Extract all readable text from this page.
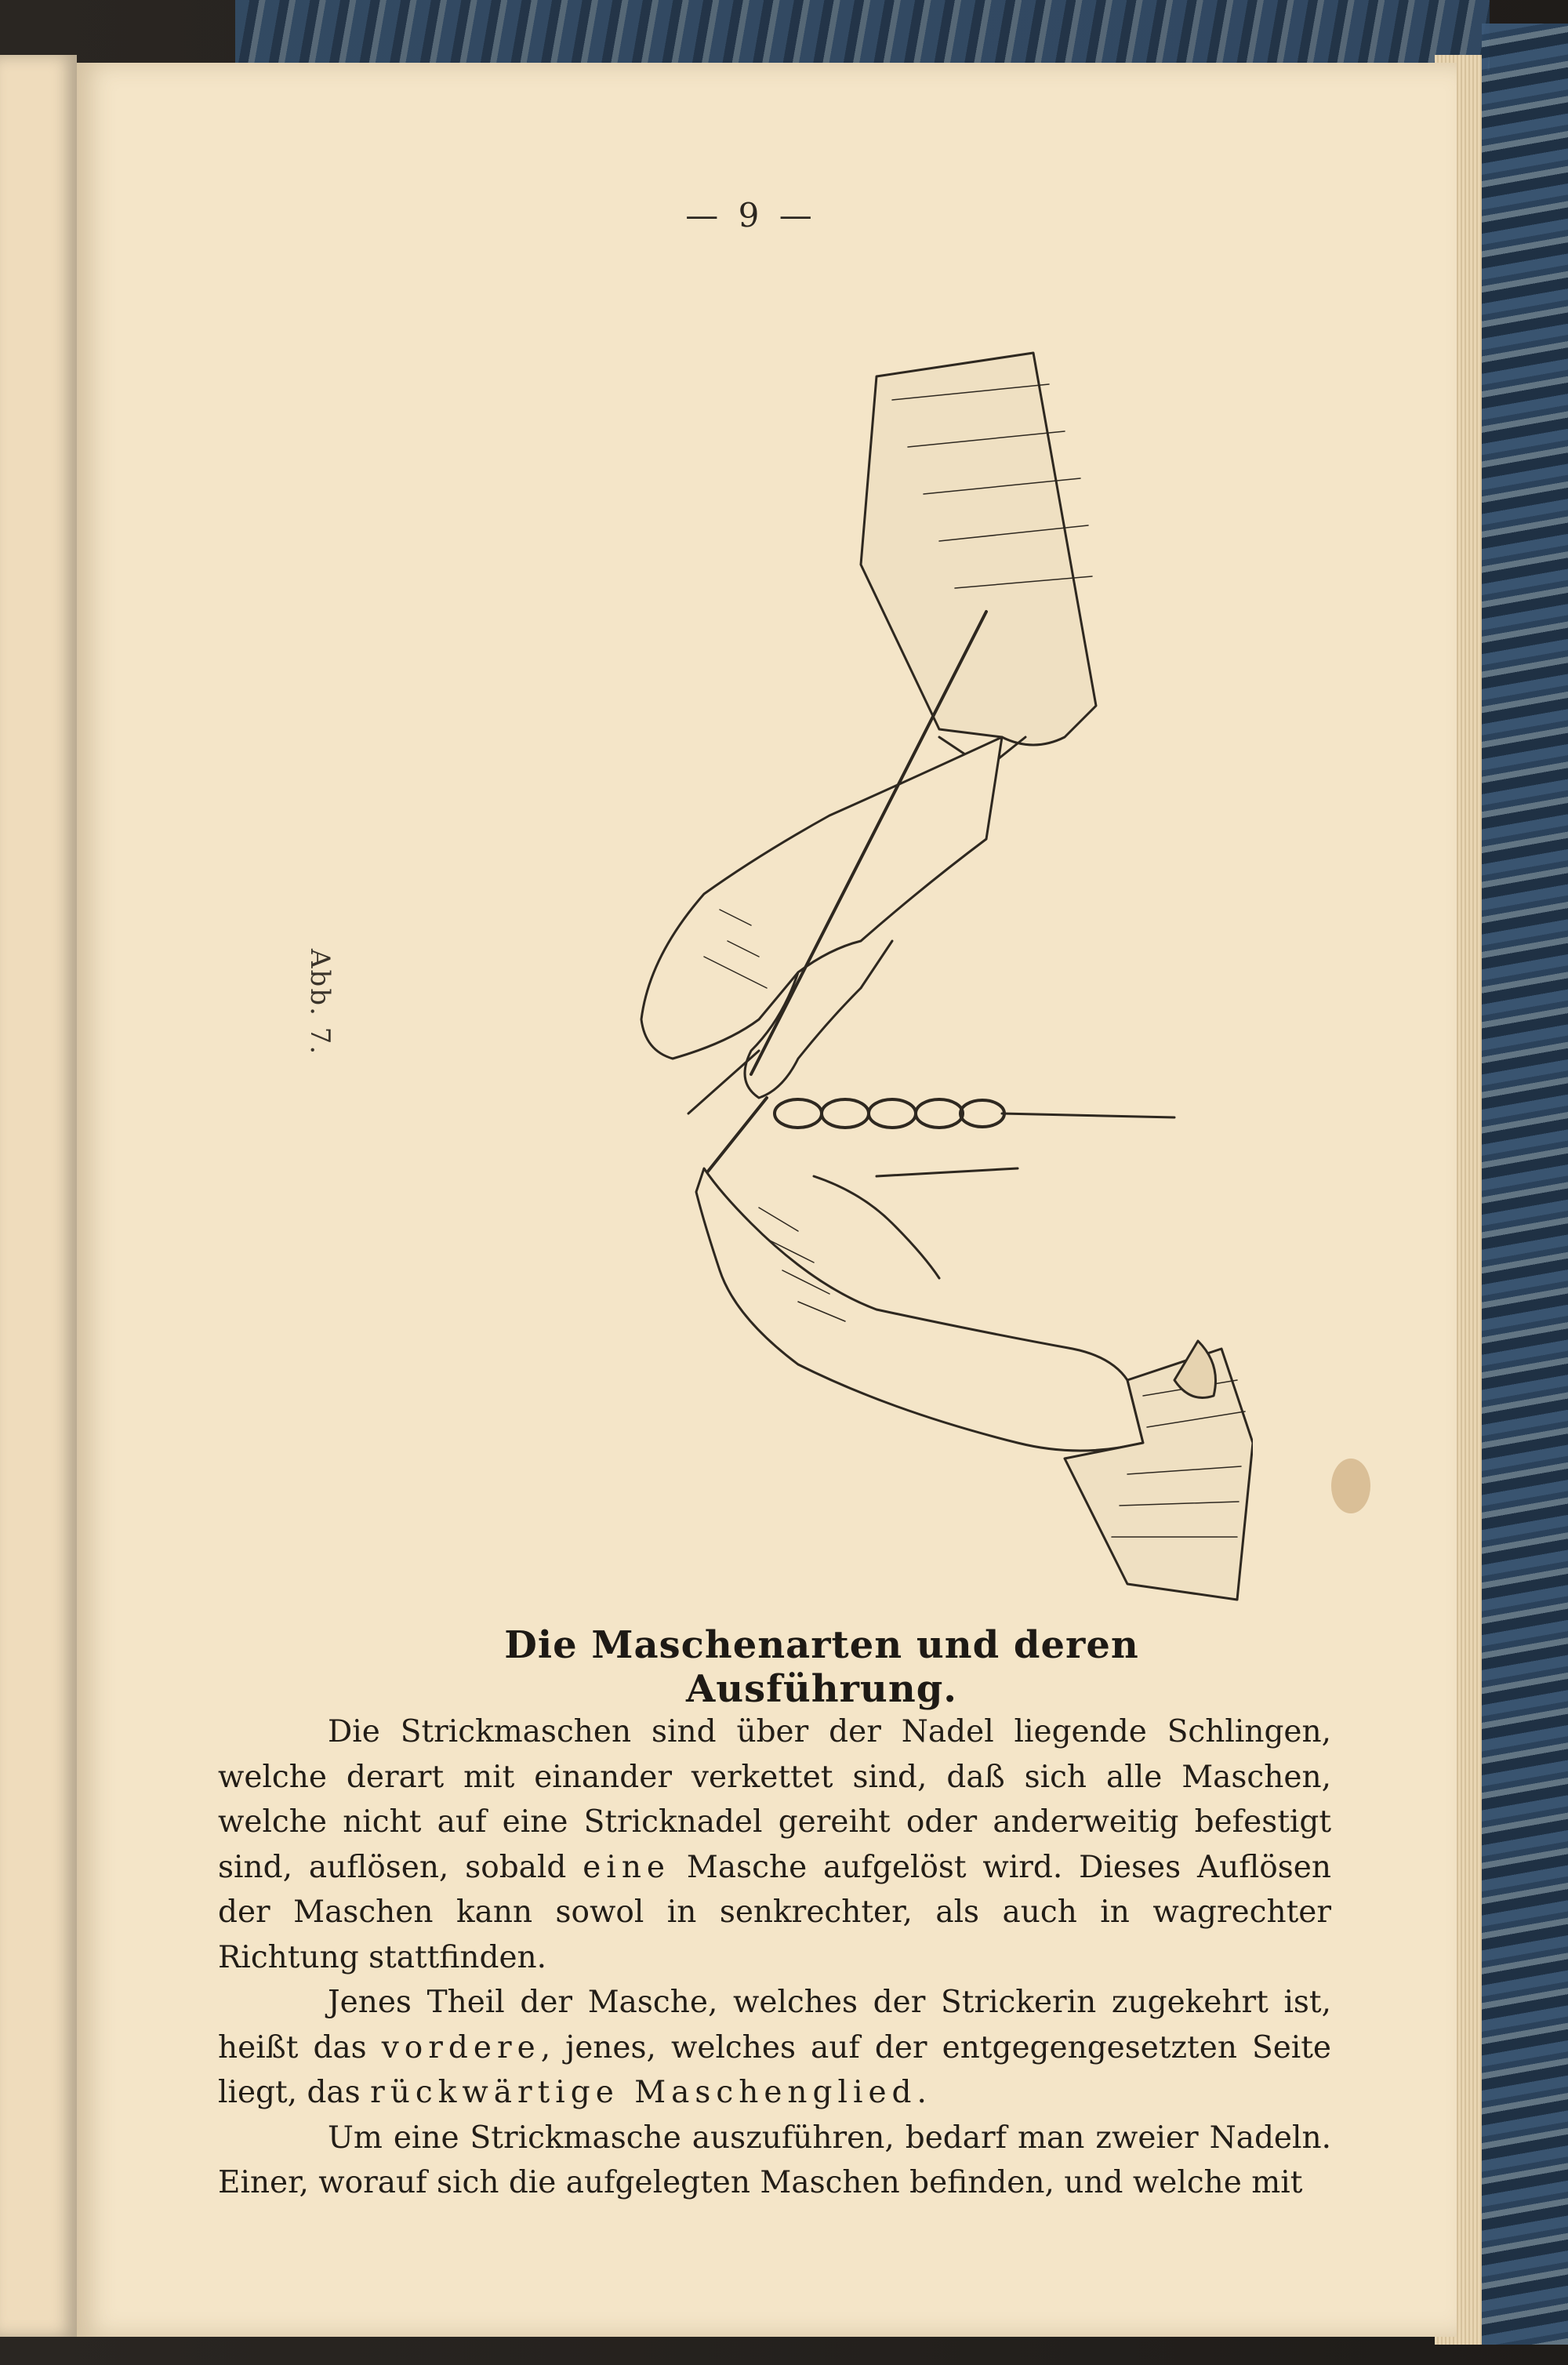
— 9 —
Abb. 7.
Die Maschenarten und deren Ausführung.

Die Strickmaschen sind über der Nadel liegende Schlingen, welche derart mit einander verkettet sind, daß sich alle Maschen, welche nicht auf eine Stricknadel gereiht oder anderweitig befestigt sind, auflösen, sobald eine Masche aufgelöst wird. Dieses Auflösen der Maschen kann sowol in senkrechter, als auch in wagrechter Richtung stattfinden.

Jenes Theil der Masche, welches der Strickerin zugekehrt ist, heißt das vordere, jenes, welches auf der entgegengesetzten Seite liegt, das rückwärtige Maschenglied.

Um eine Strickmasche auszuführen, bedarf man zweier Nadeln. Einer, worauf sich die aufgelegten Maschen befinden, und welche mit
